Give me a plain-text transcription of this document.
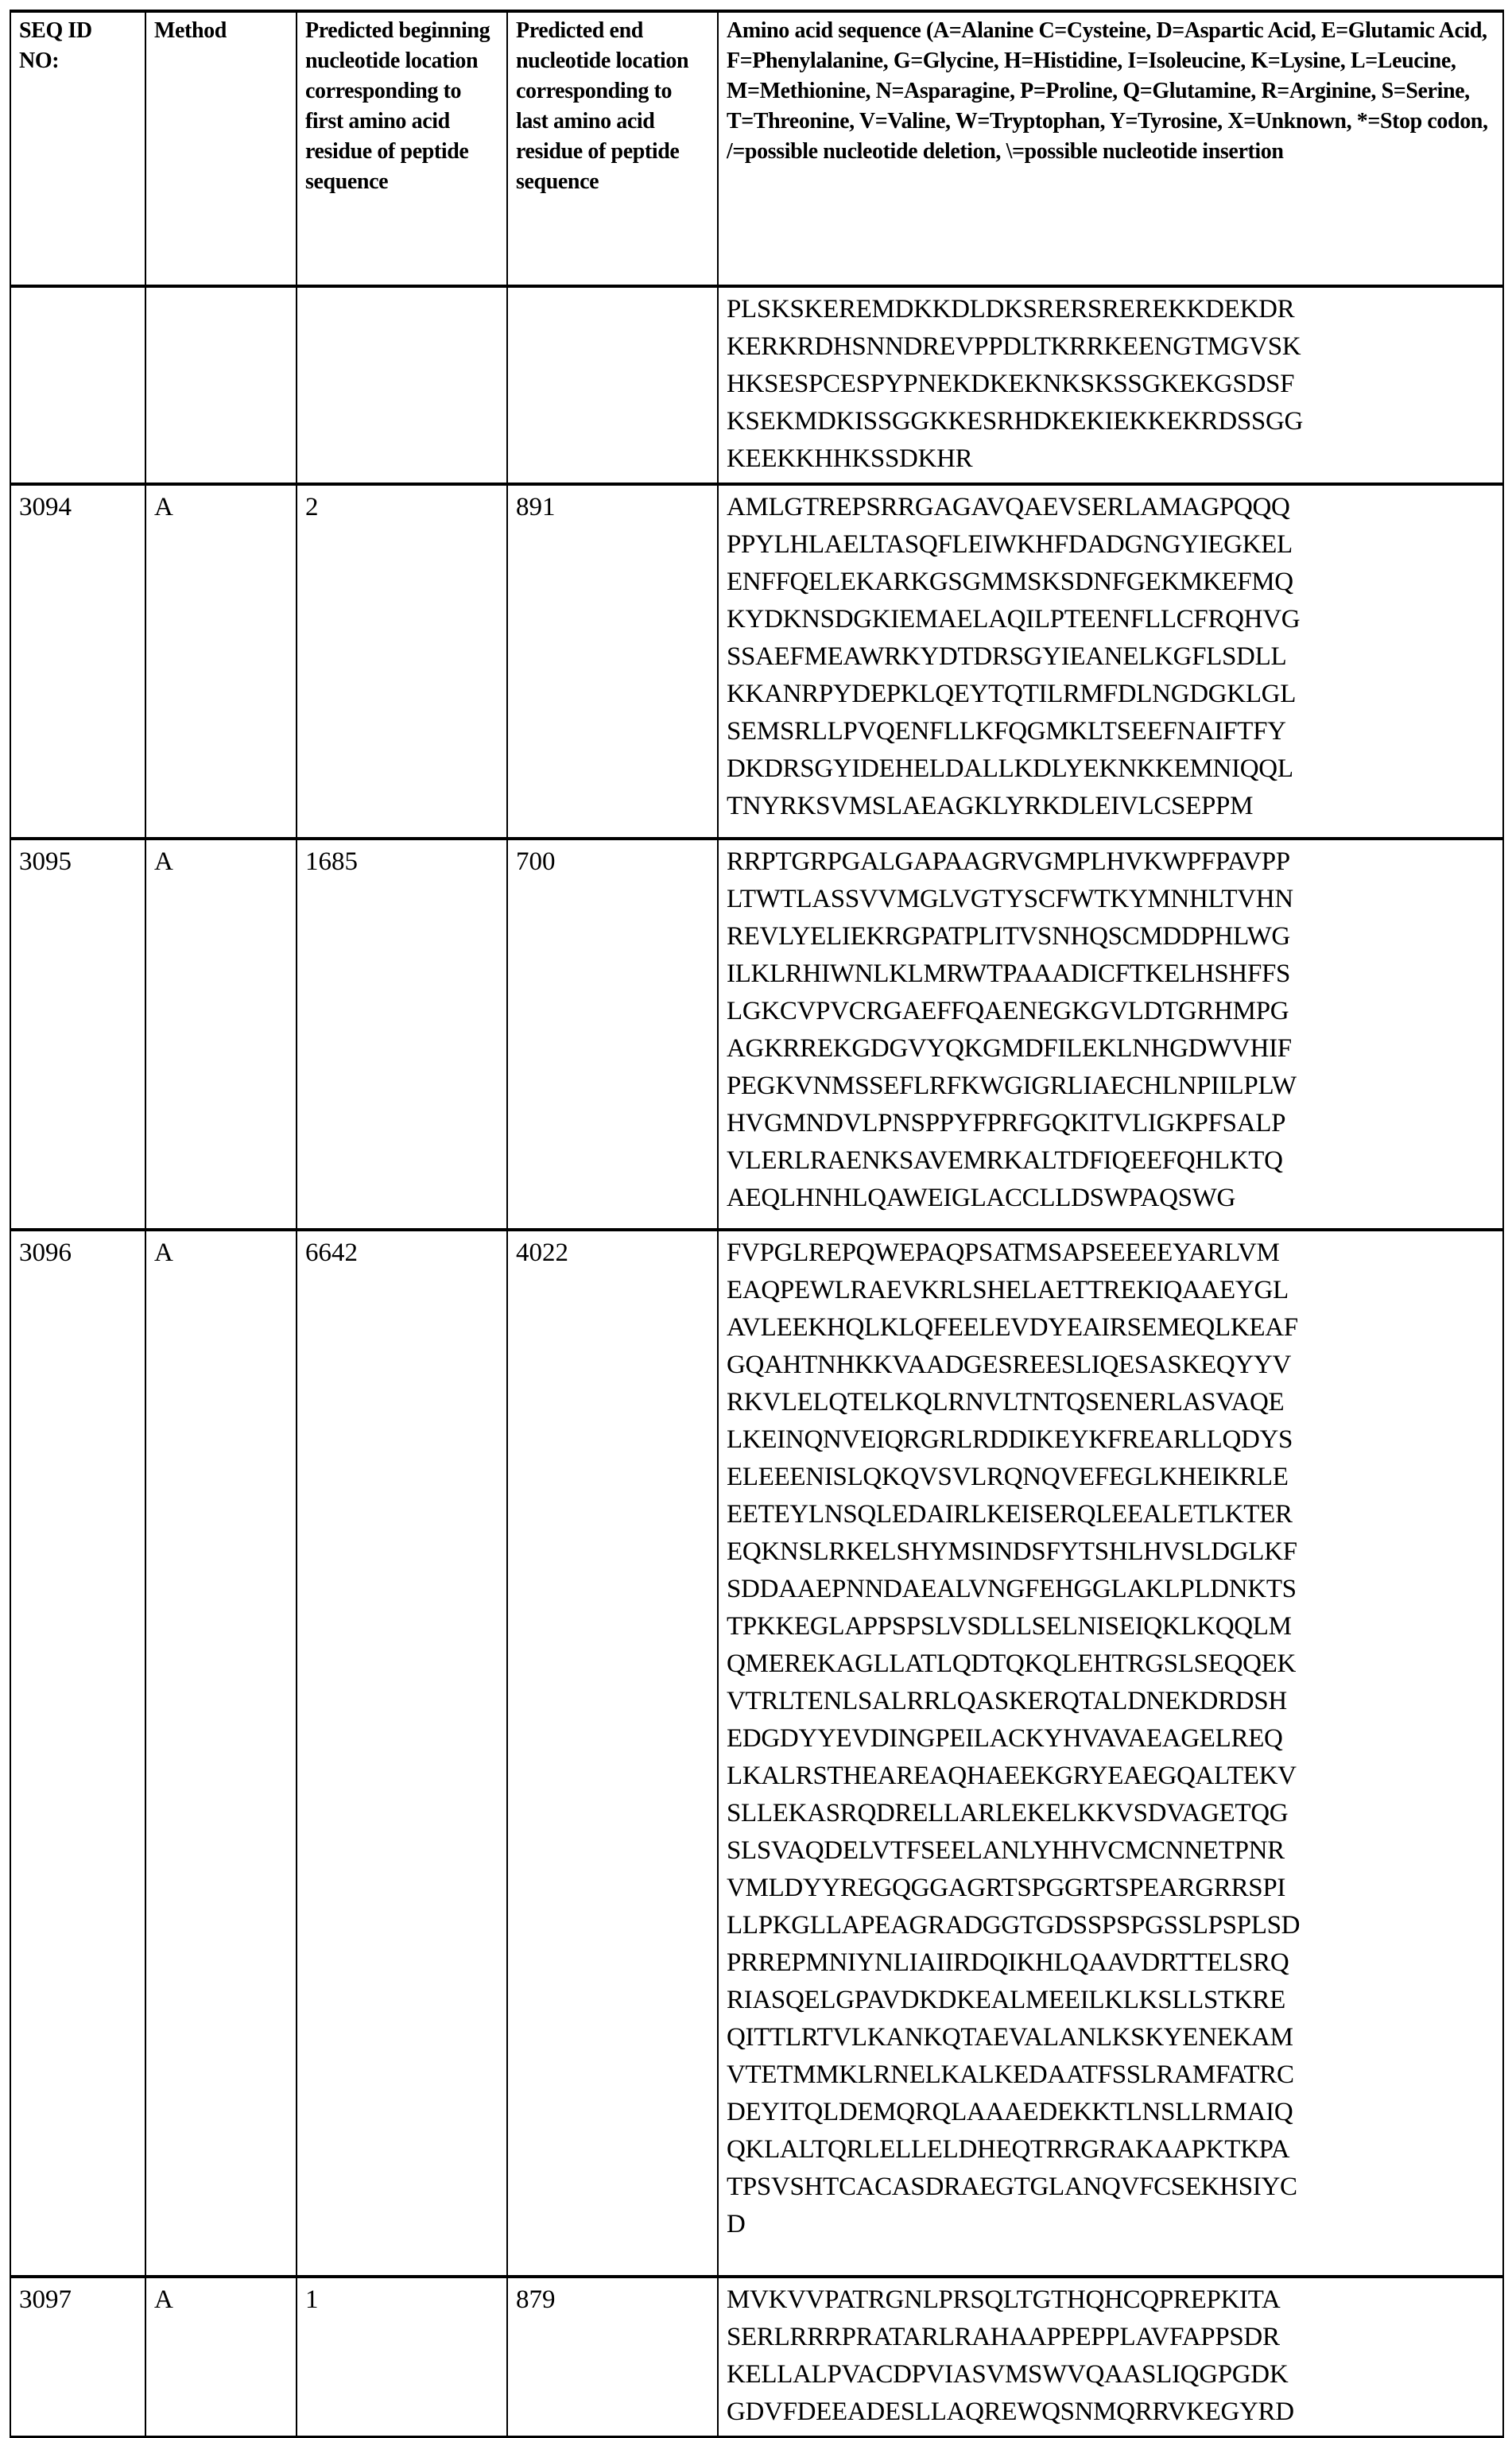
SEQ ID NO:	Method	Predicted beginning nucleotide location corresponding to first amino acid residue of peptide sequence	Predicted end nucleotide location corresponding to last amino acid residue of peptide sequence	Amino acid sequence (A=Alanine C=Cysteine, D=Aspartic Acid, E=Glutamic Acid, F=Phenylalanine, G=Glycine, H=Histidine, I=Isoleucine, K=Lysine, L=Leucine, M=Methionine, N=Asparagine, P=Proline, Q=Glutamine, R=Arginine, S=Serine, T=Threonine, V=Valine, W=Tryptophan, Y=Tyrosine, X=Unknown, *=Stop codon, /=possible nucleotide deletion, \=possible nucleotide insertion

				PLSKSKEREMDKKDLDKSRERSREREKKDEKDR
KERKRDHSNNDREVPPDLTKRRKEENGTMGVSK
HKSESPCESPYPNEKDKEKNKSKSSGKEKGSDSF
KSEKMDKISSGGKKESRHDKEKIEKKEKRDSSGG
KEEKKHHKSSDKHR

3094	A	2	891	AMLGTREPSRRGAGAVQAEVSERLAMAGPQQQ
PPYLHLAELTASQFLEIWKHFDADGNGYIEGKEL
ENFFQELEKARKGSGMMSKSDNFGEKMKEFMQ
KYDKNSDGKIEMAELAQILPTEENFLLCFRQHVG
SSAEFMEAWRKYDTDRSGYIEANELKGFLSDLL
KKANRPYDEPKLQEYTQTILRMFDLNGDGKLGL
SEMSRLLPVQENFLLKFQGMKLTSEEFNAIFTFY
DKDRSGYIDEHELDALLKDLYEKNKKEMNIQQL
TNYRKSVMSLAEAGKLYRKDLEIVLCSEPPM

3095	A	1685	700	RRPTGRPGALGAPAAGRVGMPLHVKWPFPAVPP
LTWTLASSVVMGLVGTYSCFWTKYMNHLTVHN
REVLYELIEKRGPATPLITVSNHQSCMDDPHLWG
ILKLRHIWNLKLMRWTPAAADICFTKELHSHFFS
LGKCVPVCRGAEFFQAENEGKGVLDTGRHMPG
AGKRREKGDGVYQKGMDFILEKLNHGDWVHIF
PEGKVNMSSEFLRFKWGIGRLIAECHLNPIILPLW
HVGMNDVLPNSPPYFPRFGQKITVLIGKPFSALP
VLERLRAENKSAVEMRKALTDFIQEEFQHLKTQ
AEQLHNHLQAWEIGLACCLLDSWPAQSWG

3096	A	6642	4022	FVPGLREPQWEPAQPSATMSAPSEEEEYARLVM
EAQPEWLRAEVKRLSHELAETTREKIQAAEYGL
AVLEEKHQLKLQFEELEVDYEAIRSEMEQLKEAF
GQAHTNHKKVAADGESREESLIQESASKEQYYV
RKVLELQTELKQLRNVLTNTQSENERLASVAQE
LKEINQNVEIQRGRLRDDIKEYKFREARLLQDYS
ELEEENISLQKQVSVLRQNQVEFEGLKHEIKRLE
EETEYLNSQLEDAIRLKEISERQLEEALETLKTER
EQKNSLRKELSHYMSINDSFYTSHLHVSLDGLKF
SDDAAEPNNDAEALVNGFEHGGLAKLPLDNKTS
TPKKEGLAPPSPSLVSDLLSELNISEIQKLKQQLM
QMEREKAGLLATLQDTQKQLEHTRGSLSEQQEK
VTRLTENLSALRRLQASKERQTALDNEKDRDSH
EDGDYYEVDINGPEILACKYHVAVAEAGELREQ
LKALRSTHEAREAQHAEEKGRYEAEGQALTEKV
SLLEKASRQDRELLARLEKELKKVSDVAGETQG
SLSVAQDELVTFSEELANLYHHVCMCNNETPNR
VMLDYYREGQGGAGRTSPGGRTSPEARGRRSPI
LLPKGLLAPEAGRADGGTGDSSPSPGSSLPSPLSD
PRREPMNIYNLIAIIRDQIKHLQAAVDRTTELSRQ
RIASQELGPAVDKDKEALMEEILKLKSLLSTKRE
QITTLRTVLKANKQTAEVALANLKSKYENEKAM
VTETMMKLRNELKALKEDAATFSSLRAMFATRC
DEYITQLDEMQRQLAAAEDEKKTLNSLLRMAIQ
QKLALTQRLELLELDHEQTRRGRAKAAPKTKPA
TPSVSHTCACASDRAEGTGLANQVFCSEKHSIYC
D

3097	A	1	879	MVKVVPATRGNLPRSQLTGTHQHCQPREPKITA
SERLRRRPRATARLRAHAAPPEPPLAVFAPPSDR
KELLALPVACDPVIASVMSWVQAASLIQGPGDK
GDVFDEEADESLLAQREWQSNMQRRVKEGYRD
